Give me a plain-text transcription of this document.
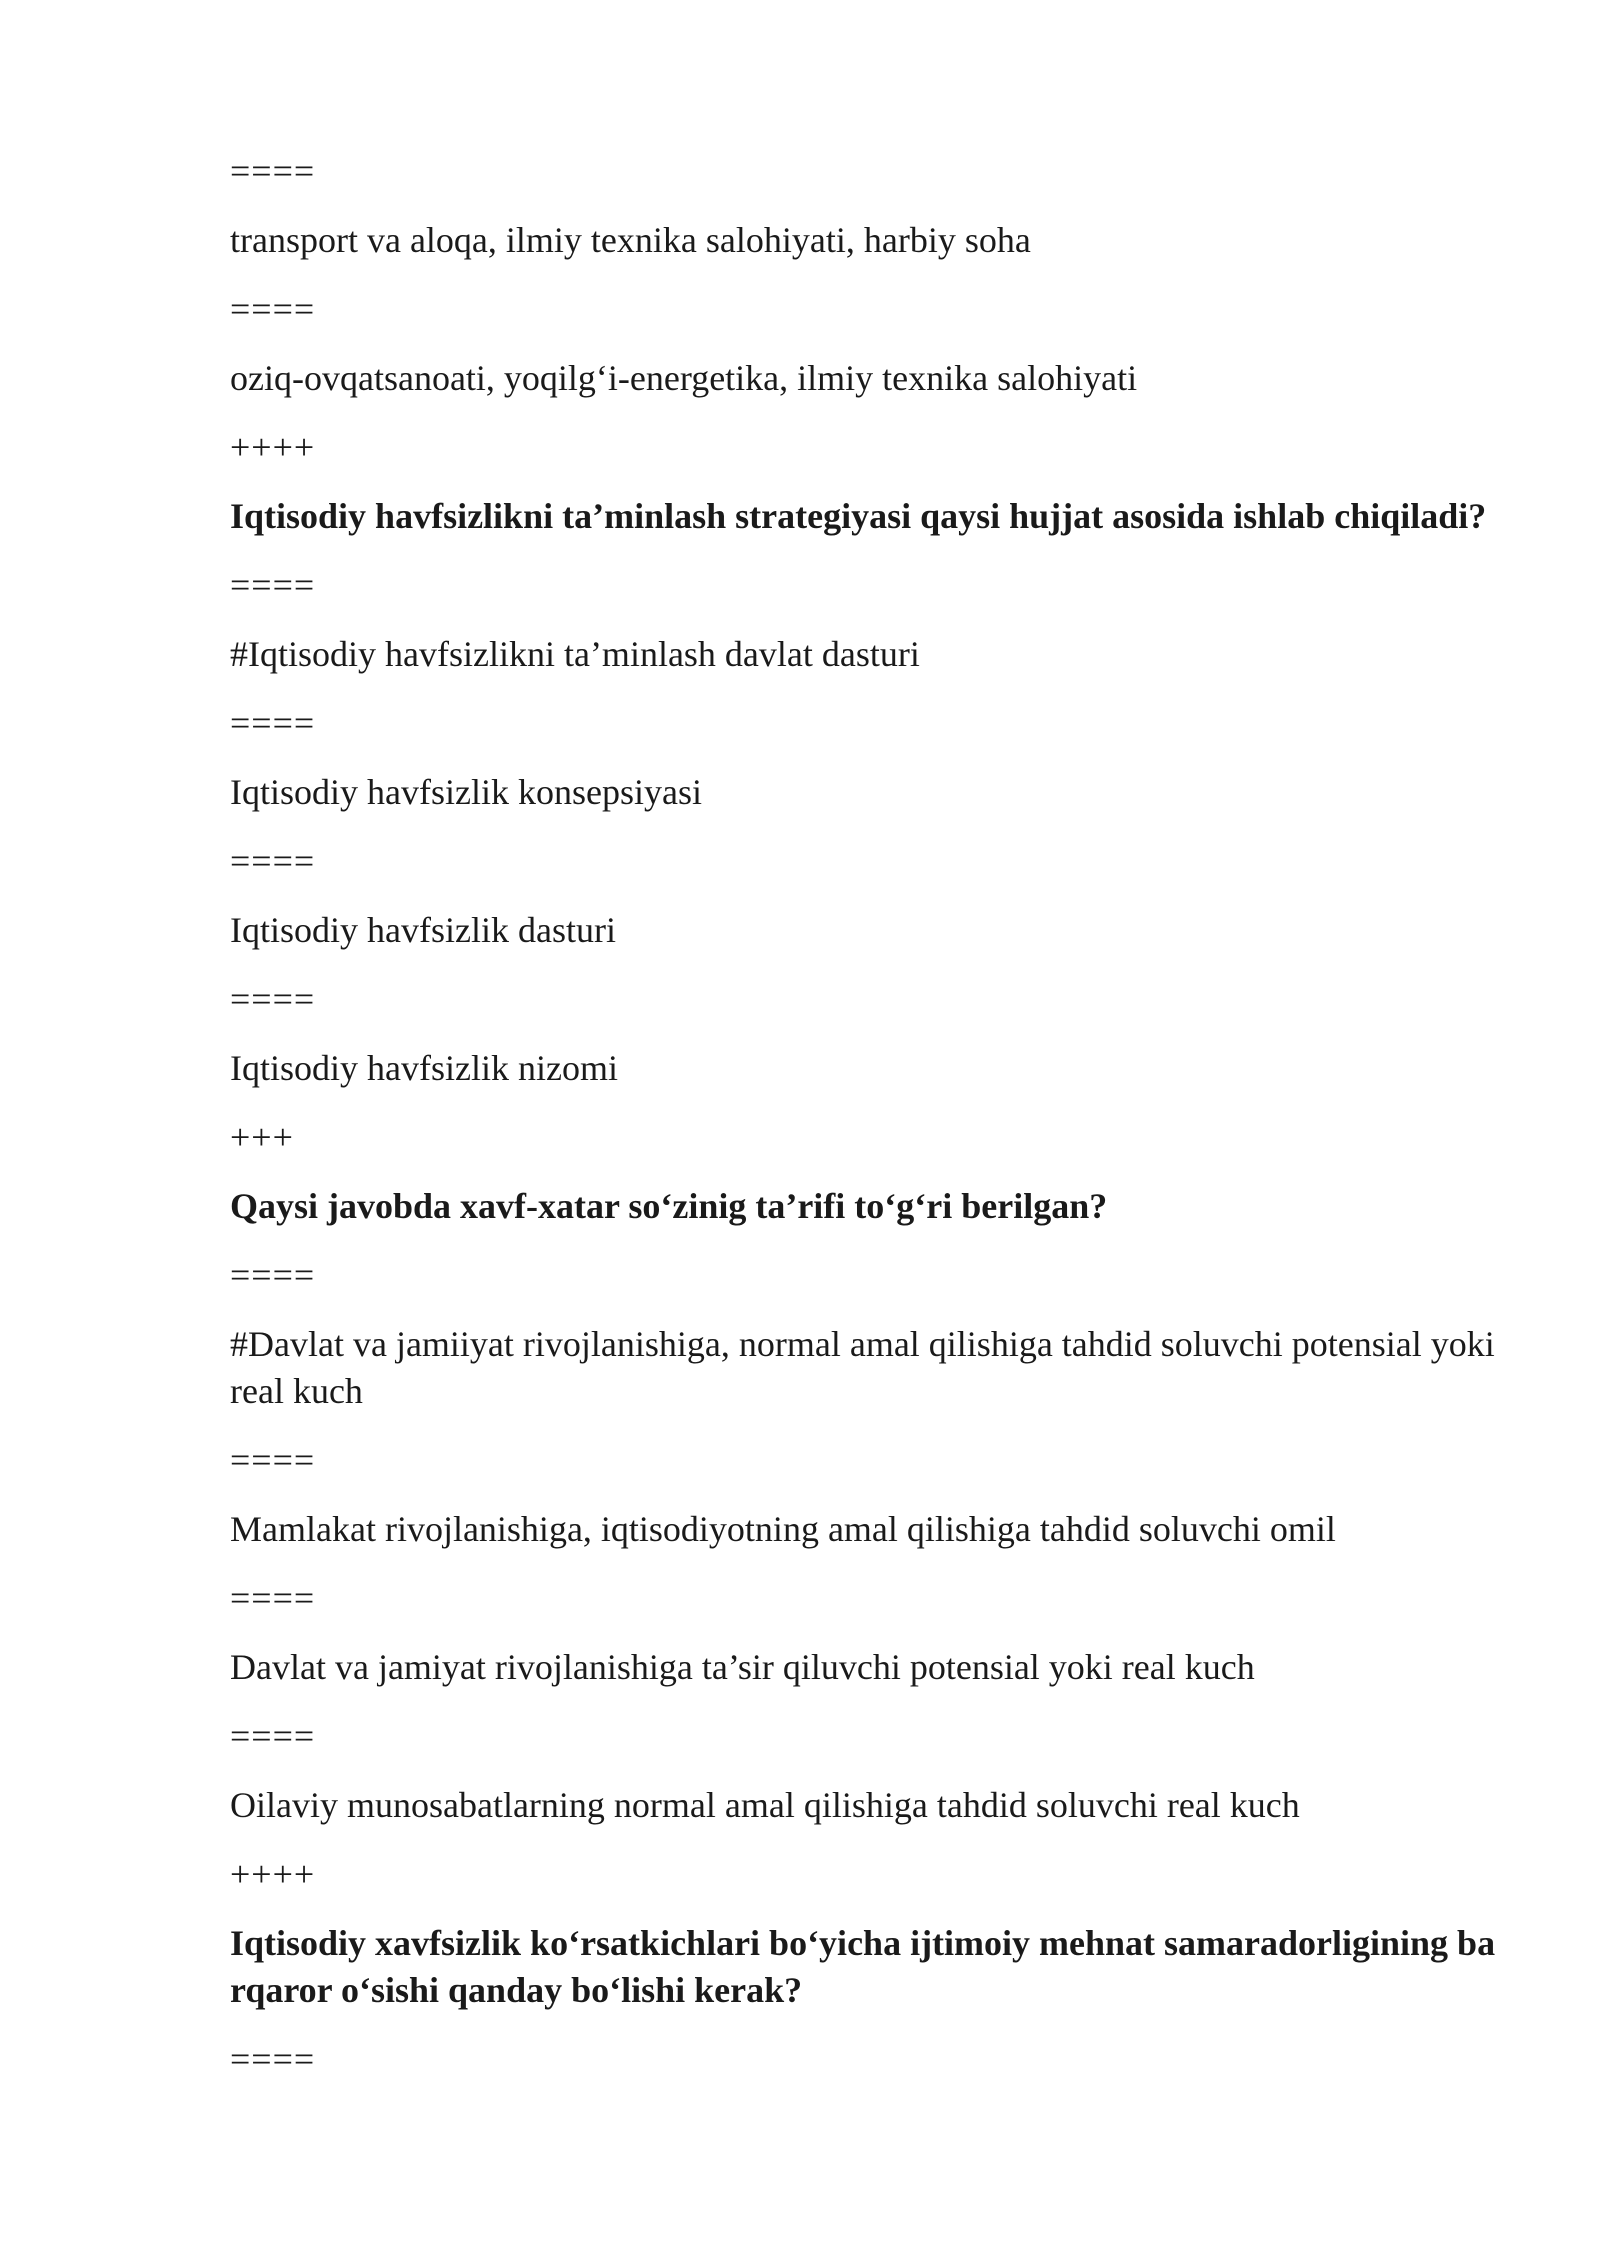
====
transport va aloqa, ilmiy texnika salohiyati, harbiy soha
====
oziq-ovqatsanoati, yoqilgʻi-energetika, ilmiy texnika salohiyati
++++
Iqtisodiy havfsizlikni ta’minlash strategiyasi qaysi hujjat asosida ishlab chiqiladi?
====
#Iqtisodiy havfsizlikni ta’minlash davlat dasturi
====
Iqtisodiy havfsizlik konsepsiyasi
====
Iqtisodiy havfsizlik dasturi
====
Iqtisodiy havfsizlik nizomi
+++
Qaysi javobda xavf-xatar soʻzinig ta’rifi toʻgʻri berilgan?
====
#Davlat va jamiiyat rivojlanishiga, normal amal qilishiga tahdid soluvchi potensial yoki real kuch
====
Mamlakat rivojlanishiga, iqtisodiyotning amal qilishiga tahdid soluvchi omil
====
Davlat va jamiyat rivojlanishiga ta’sir qiluvchi potensial yoki real kuch
====
Oilaviy munosabatlarning normal amal qilishiga tahdid soluvchi real kuch
++++
Iqtisodiy xavfsizlik koʻrsatkichlari boʻyicha ijtimoiy mehnat samaradorligining barqaror oʻsishi qanday boʻlishi kerak?
====
